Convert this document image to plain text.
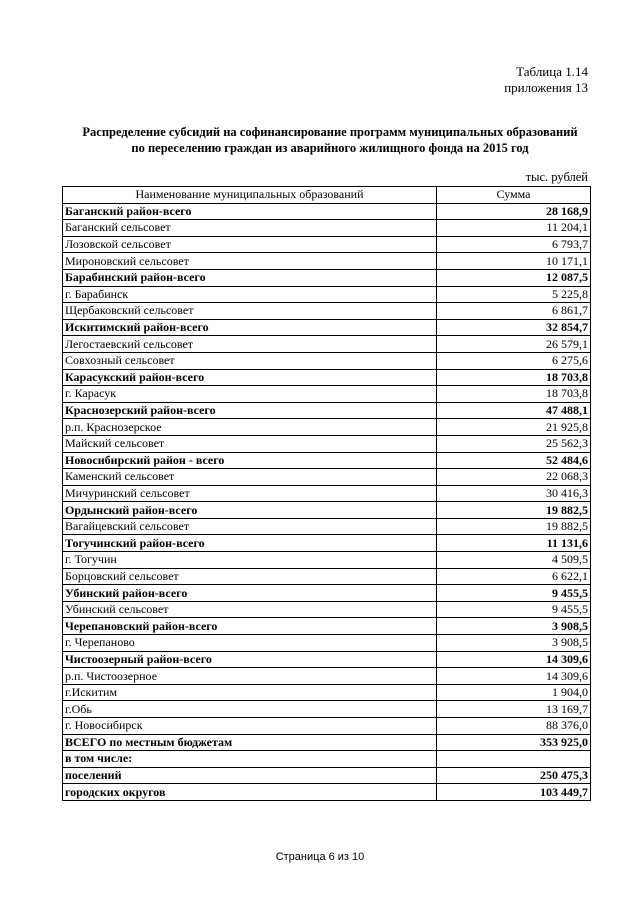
Таблица 1.14
приложения 13
Распределение субсидий на софинансирование программ муниципальных образований
по переселению граждан из аварийного жилищного фонда на 2015 год
тыс. рублей
Наименование муниципальных образований	Сумма
Баганский район-всего	28 168,9
Баганский сельсовет	11 204,1
Лозовской сельсовет	6 793,7
Мироновский сельсовет	10 171,1
Барабинский район-всего	12 087,5
г. Барабинск	5 225,8
Щербаковский сельсовет	6 861,7
Искитимский район-всего	32 854,7
Легостаевский сельсовет	26 579,1
Совхозный сельсовет	6 275,6
Карасукский район-всего	18 703,8
г. Карасук	18 703,8
Краснозерский район-всего	47 488,1
р.п. Краснозерское	21 925,8
Майский сельсовет	25 562,3
Новосибирский район - всего	52 484,6
Каменский сельсовет	22 068,3
Мичуринский сельсовет	30 416,3
Ордынский район-всего	19 882,5
Вагайцевский сельсовет	19 882,5
Тогучинский район-всего	11 131,6
г. Тогучин	4 509,5
Борцовский сельсовет	6 622,1
Убинский район-всего	9 455,5
Убинский сельсовет	9 455,5
Черепановский район-всего	3 908,5
г. Черепаново	3 908,5
Чистоозерный район-всего	14 309,6
р.п. Чистоозерное	14 309,6
г.Искитим	1 904,0
г.Обь	13 169,7
г. Новосибирск	88 376,0
ВСЕГО по местным бюджетам	353 925,0
в том числе:	
поселений	250 475,3
городских округов	103 449,7
Страница 6 из 10
